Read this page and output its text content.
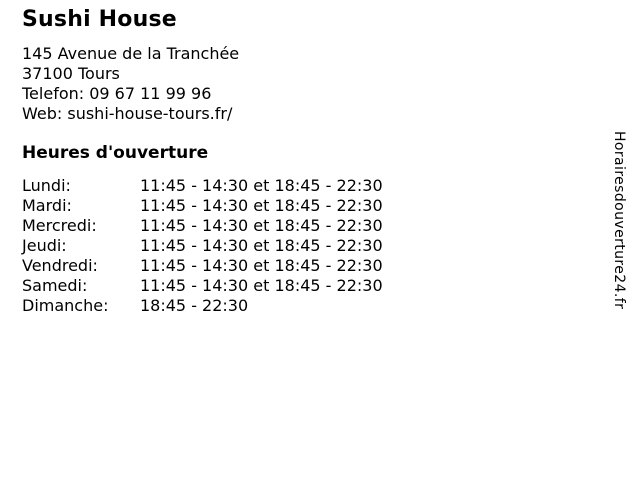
Sushi House
145 Avenue de la Tranchée
37100 Tours
Telefon: 09 67 11 99 96
Web: sushi-house-tours.fr/
Heures d'ouverture
Lundi:	11:45 - 14:30 et 18:45 - 22:30
Mardi:	11:45 - 14:30 et 18:45 - 22:30
Mercredi:	11:45 - 14:30 et 18:45 - 22:30
Jeudi:	11:45 - 14:30 et 18:45 - 22:30
Vendredi:	11:45 - 14:30 et 18:45 - 22:30
Samedi:	11:45 - 14:30 et 18:45 - 22:30
Dimanche:	18:45 - 22:30	Horairesdouverture24.fr
